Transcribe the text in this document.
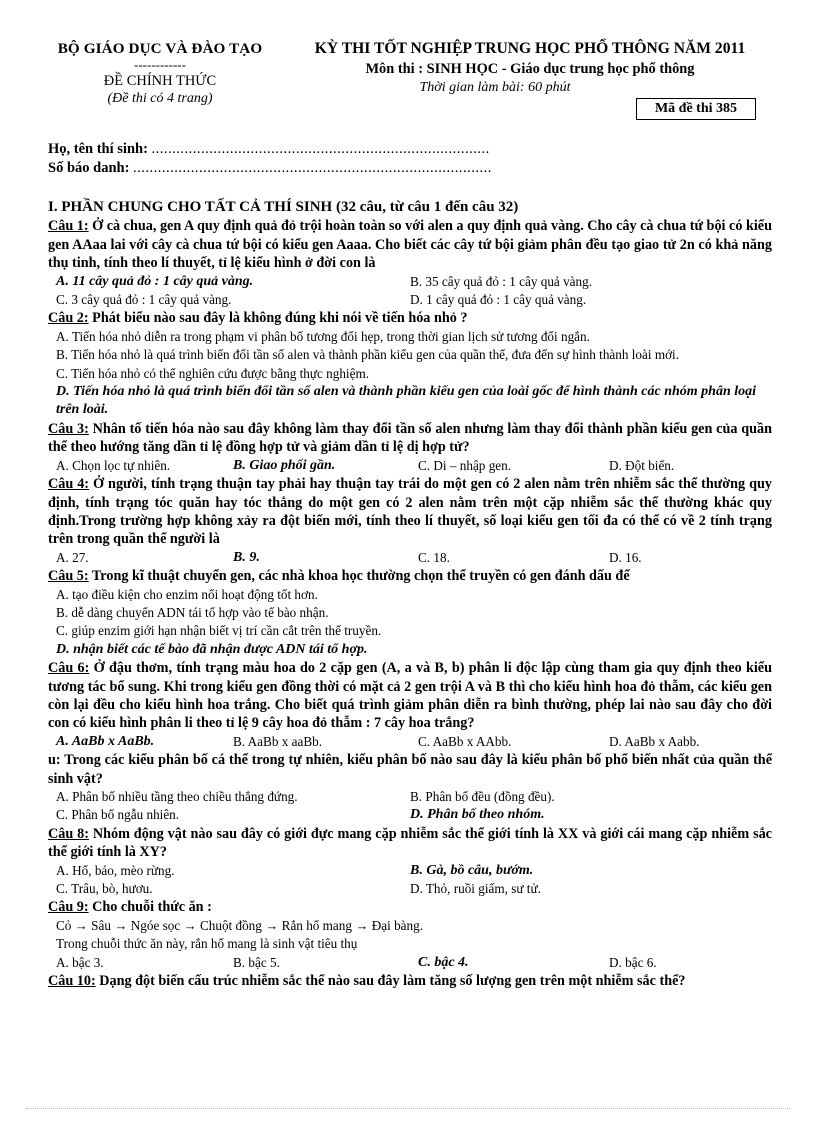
BỘ GIÁO DỤC VÀ ĐÀO TẠO
------------
ĐỀ CHÍNH THỨC
(Đề thi có 4 trang)
KỲ THI TỐT NGHIỆP TRUNG HỌC PHỔ THÔNG NĂM 2011
Môn thi : SINH HỌC - Giáo dục trung học phổ thông
Thời gian làm bài: 60 phút
Mã đề thi 385
Họ, tên thí sinh: ..................................................................................
Số báo danh: .......................................................................................
I. PHẦN CHUNG CHO TẤT CẢ THÍ SINH (32 câu, từ câu 1 đến câu 32)
Câu 1: Ở cà chua, gen A quy định quả đỏ trội hoàn toàn so với alen a quy định quả vàng. Cho cây cà chua tứ bội có kiểu gen AAaa lai với cây cà chua tứ bội có kiểu gen Aaaa. Cho biết các cây tứ bội giảm phân đều tạo giao tử 2n có khả năng thụ tinh, tính theo lí thuyết, tỉ lệ kiểu hình ở đời con là
A. 11 cây quả đỏ : 1 cây quả vàng.	B. 35 cây quả đỏ : 1 cây quả vàng.
C. 3 cây quả đỏ : 1 cây quả vàng.	D. 1 cây quả đỏ : 1 cây quả vàng.
Câu 2: Phát biểu nào sau đây là không đúng khi nói về tiến hóa nhỏ ?
A. Tiến hóa nhỏ diễn ra trong phạm vi phân bố tương đối hẹp, trong thời gian lịch sử tương đối ngắn.
B. Tiến hóa nhỏ là quá trình biến đổi tần số alen và thành phần kiểu gen của quần thể, đưa đến sự hình thành loài mới.
C. Tiến hóa nhỏ có thể nghiên cứu được bằng thực nghiệm.
D. Tiến hóa nhỏ là quá trình biến đổi tần số alen và thành phần kiểu gen của loài gốc để hình thành các nhóm phân loại trên loài.
Câu 3: Nhân tố tiến hóa nào sau đây không làm thay đổi tần số alen nhưng làm thay đổi thành phần kiểu gen của quần thể theo hướng tăng dần tỉ lệ đồng hợp tử và giảm dần tỉ lệ dị hợp tử?
A. Chọn lọc tự nhiên.	B. Giao phối gần.	C. Di – nhập gen.	D. Đột biến.
Câu 4: Ở người, tính trạng thuận tay phải hay thuận tay trái do một gen có 2 alen nằm trên nhiễm sắc thể thường quy định, tính trạng tóc quăn hay tóc thẳng do một gen có 2 alen nằm trên một cặp nhiễm sắc thể thường khác quy định.Trong trường hợp không xảy ra đột biến mới, tính theo lí thuyết, số loại kiểu gen tối đa có thể có về 2 tính trạng trên trong quần thể người là
A. 27.	B. 9.	C. 18.	D. 16.
Câu 5: Trong kĩ thuật chuyển gen, các nhà khoa học thường chọn thể truyền có gen đánh dấu để
A. tạo điều kiện cho enzim nối hoạt động tốt hơn.
B. dễ dàng chuyển ADN tái tổ hợp vào tế bào nhận.
C. giúp enzim giới hạn nhận biết vị trí cần cắt trên thể truyền.
D. nhận biết các tế bào đã nhận được ADN tái tổ hợp.
Câu 6: Ở đậu thơm, tính trạng màu hoa do 2 cặp gen (A, a và B, b) phân li độc lập cùng tham gia quy định theo kiểu tương tác bổ sung. Khi trong kiểu gen đồng thời có mặt cả 2 gen trội A và B thì cho kiểu hình hoa đỏ thẫm, các kiểu gen còn lại đều cho kiểu hình hoa trắng. Cho biết quá trình giảm phân diễn ra bình thường, phép lai nào sau đây cho đời con có kiểu hình phân li theo tỉ lệ 9 cây hoa đỏ thẫm : 7 cây hoa trắng?
A. AaBb x AaBb.	B. AaBb x aaBb.	C. AaBb x AAbb.	D. AaBb x Aabb.
u: Trong các kiểu phân bố cá thể trong tự nhiên, kiểu phân bố nào sau đây là kiểu phân bố phổ biến nhất của quần thể sinh vật?
A. Phân bố nhiều tầng theo chiều thẳng đứng.	B. Phân bố đều (đồng đều).
C. Phân bố ngẫu nhiên.	D. Phân bố theo nhóm.
Câu 8: Nhóm động vật nào sau đây có giới đực mang cặp nhiễm sắc thể giới tính là XX và giới cái mang cặp nhiễm sắc thể giới tính là XY?
A. Hổ, báo, mèo rừng.	B. Gà, bồ câu, bướm.
C. Trâu, bò, hươu.	D. Thỏ, ruồi giấm, sư tử.
Câu 9: Cho chuỗi thức ăn :
Cỏ → Sâu → Ngóe sọc → Chuột đồng → Rắn hổ mang → Đại bàng.
Trong chuỗi thức ăn này, rắn hổ mang là sinh vật tiêu thụ
A. bậc 3.	B. bậc 5.	C. bậc 4.	D. bậc 6.
Câu 10: Dạng đột biến cấu trúc nhiễm sắc thể nào sau đây làm tăng số lượng gen trên một nhiễm sắc thể?
